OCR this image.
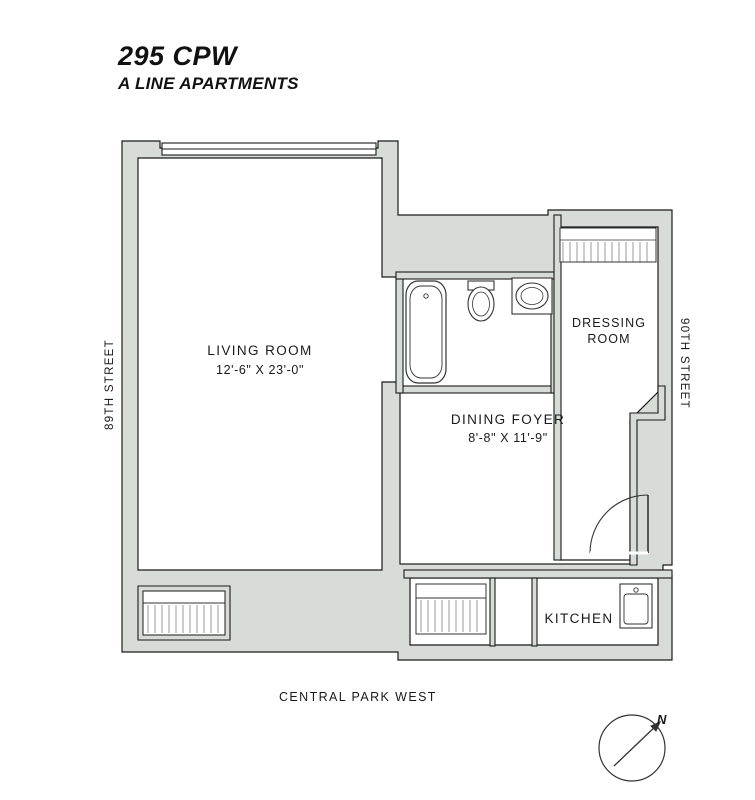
295 CPW
A LINE APARTMENTS
LIVING ROOM
12'-6" X 23'-0"
DINING FOYER
8'-8" X 11'-9"
DRESSING
ROOM
KITCHEN
89TH STREET	90TH STREET
CENTRAL PARK WEST
N
